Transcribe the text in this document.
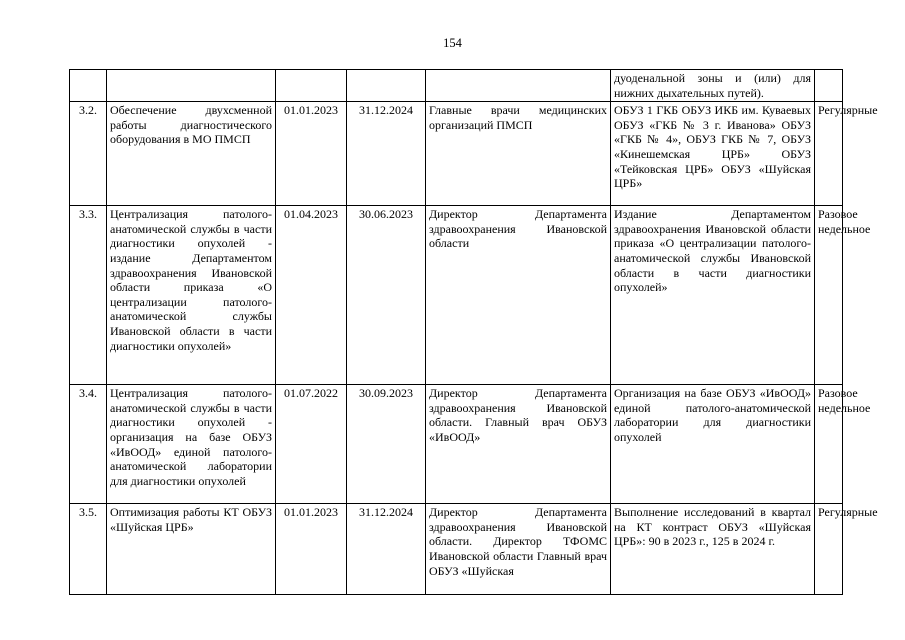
154
					дуоденальной зоны и (или) для нижних дыхательных путей).	
3.2.	Обеспечение двухсменной работы диагностического оборудования в МО ПМСП	01.01.2023	31.12.2024	Главные врачи медицинских организаций ПМСП	ОБУЗ 1 ГКБ ОБУЗ ИКБ им. Куваевых ОБУЗ «ГКБ № 3 г. Иванова» ОБУЗ «ГКБ № 4», ОБУЗ ГКБ № 7, ОБУЗ «Кинешемская ЦРБ» ОБУЗ «Тейковская ЦРБ» ОБУЗ «Шуйская ЦРБ»	Регулярные
3.3.	Централизация патолого-анатомической службы в части диагностики опухолей - издание Департаментом здравоохранения Ивановской области приказа «О централизации патолого-анатомической службы Ивановской области в части диагностики опухолей»	01.04.2023	30.06.2023	Директор Департамента здравоохранения Ивановской области	Издание Департаментом здравоохранения Ивановской области приказа «О централизации патолого-анатомической службы Ивановской области в части диагностики опухолей»	Разовое недельное
3.4.	Централизация патолого-анатомической службы в части диагностики опухолей - организация на базе ОБУЗ «ИвООД» единой патолого-анатомической лаборатории для диагностики опухолей	01.07.2022	30.09.2023	Директор Департамента здравоохранения Ивановской области. Главный врач ОБУЗ «ИвООД»	Организация на базе ОБУЗ «ИвООД» единой патолого-анатомической лаборатории для диагностики опухолей	Разовое недельное
3.5.	Оптимизация работы КТ ОБУЗ «Шуйская ЦРБ»	01.01.2023	31.12.2024	Директор Департамента здравоохранения Ивановской области. Директор ТФОМС Ивановской области Главный врач ОБУЗ «Шуйская	Выполнение исследований в квартал на КТ контраст ОБУЗ «Шуйская ЦРБ»: 90 в 2023 г., 125 в 2024 г.	Регулярные
